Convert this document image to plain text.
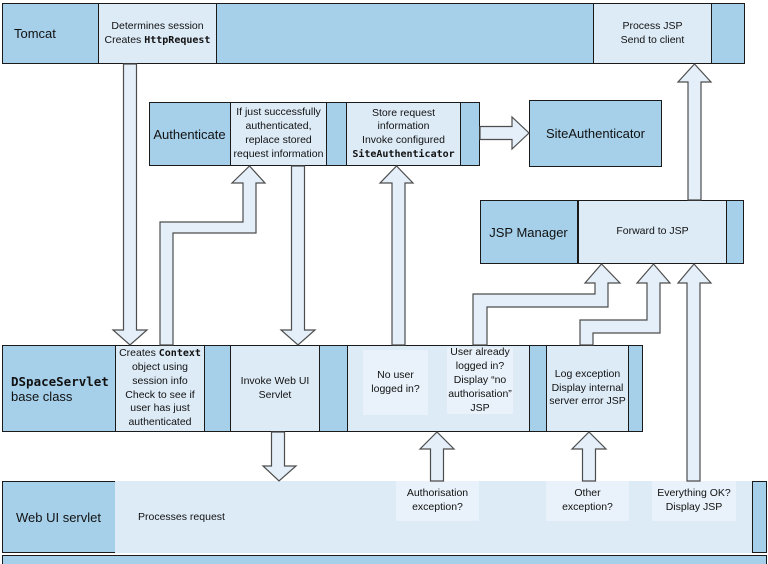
Tomcat
Determines session
Creates HttpRequest
Process JSP
Send to client
Authenticate
If just successfully authenticated, replace stored request information
Store request information
Invoke configured
SiteAuthenticator
SiteAuthenticator
JSP Manager	Forward to JSP
DSpaceServlet
base class
Creates Context object using session info Check to see if user has just authenticated
Invoke Web UI Servlet
No user logged in?
User already logged in? Display “no authorisation” JSP
Log exception Display internal server error JSP
Web UI servlet	Processes request
Authorisation exception?
Other exception?
Everything OK? Display JSP
